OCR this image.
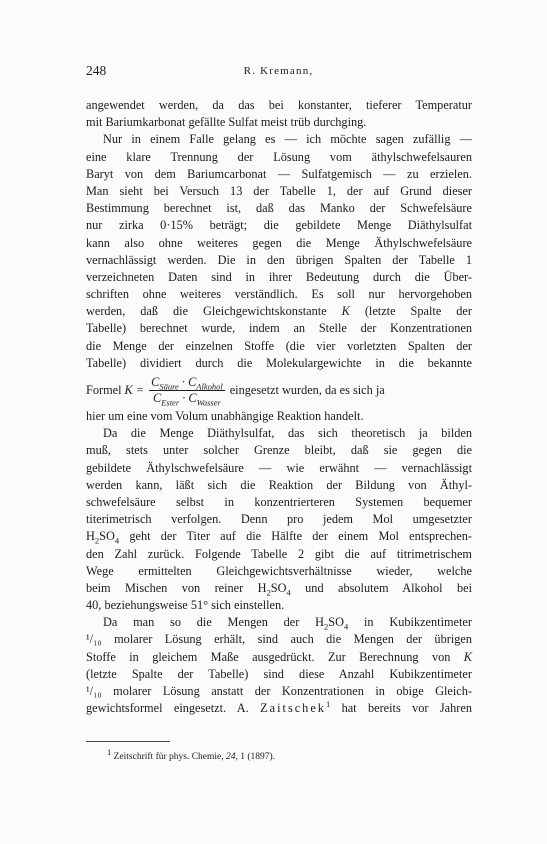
248	R. Kremann,
angewendet werden, da das bei konstanter, tieferer Temperatur
mit Bariumkarbonat gefällte Sulfat meist trüb durchging.
Nur in einem Falle gelang es — ich möchte sagen zufällig —
eine klare Trennung der Lösung vom äthylschwefelsauren
Baryt von dem Bariumcarbonat — Sulfatgemisch — zu erzielen.
Man sieht bei Versuch 13 der Tabelle 1, der auf Grund dieser
Bestimmung berechnet ist, daß das Manko der Schwefelsäure
nur zirka 0·15% beträgt; die gebildete Menge Diäthylsulfat
kann also ohne weiteres gegen die Menge Äthylschwefelsäure
vernachlässigt werden. Die in den übrigen Spalten der Tabelle 1
verzeichneten Daten sind in ihrer Bedeutung durch die Über-
schriften ohne weiteres verständlich. Es soll nur hervorgehoben
werden, daß die Gleichgewichtskonstante K (letzte Spalte der
Tabelle) berechnet wurde, indem an Stelle der Konzentrationen
die Menge der einzelnen Stoffe (die vier vorletzten Spalten der
Tabelle) dividiert durch die Molekulargewichte in die bekannte
Formel $K = \frac{C_{Säure} \cdot C_{Alkohol}}{C_{Ester} \cdot C_{Wasser}}$ eingesetzt wurden, da es sich ja
hier um eine vom Volum unabhängige Reaktion handelt.
Da die Menge Diäthylsulfat, das sich theoretisch ja bilden
muß, stets unter solcher Grenze bleibt, daß sie gegen die
gebildete Äthylschwefelsäure — wie erwähnt — vernachlässigt
werden kann, läßt sich die Reaktion der Bildung von Äthyl-
schwefelsäure selbst in konzentrierteren Systemen bequemer
titerimetrisch verfolgen. Denn pro jedem Mol umgesetzter
$H_2SO_4$ geht der Titer auf die Hälfte der einem Mol entsprechen-
den Zahl zurück. Folgende Tabelle 2 gibt die auf titrimetrischem
Wege ermittelten Gleichgewichtsverhältnisse wieder, welche
beim Mischen von reiner $H_2SO_4$ und absolutem Alkohol bei
40, beziehungsweise 51° sich einstellen.
Da man so die Mengen der $H_2SO_4$ in Kubikzentimeter
¹/₁₀ molarer Lösung erhält, sind auch die Mengen der übrigen
Stoffe in gleichem Maße ausgedrückt. Zur Berechnung von K
(letzte Spalte der Tabelle) sind diese Anzahl Kubikzentimeter
¹/₁₀ molarer Lösung anstatt der Konzentrationen in obige Gleich-
gewichtsformel eingesetzt. A. Zaitschek$^1$ hat bereits vor Jahren
$^1$ Zeitschrift für phys. Chemie, 24, 1 (1897).
